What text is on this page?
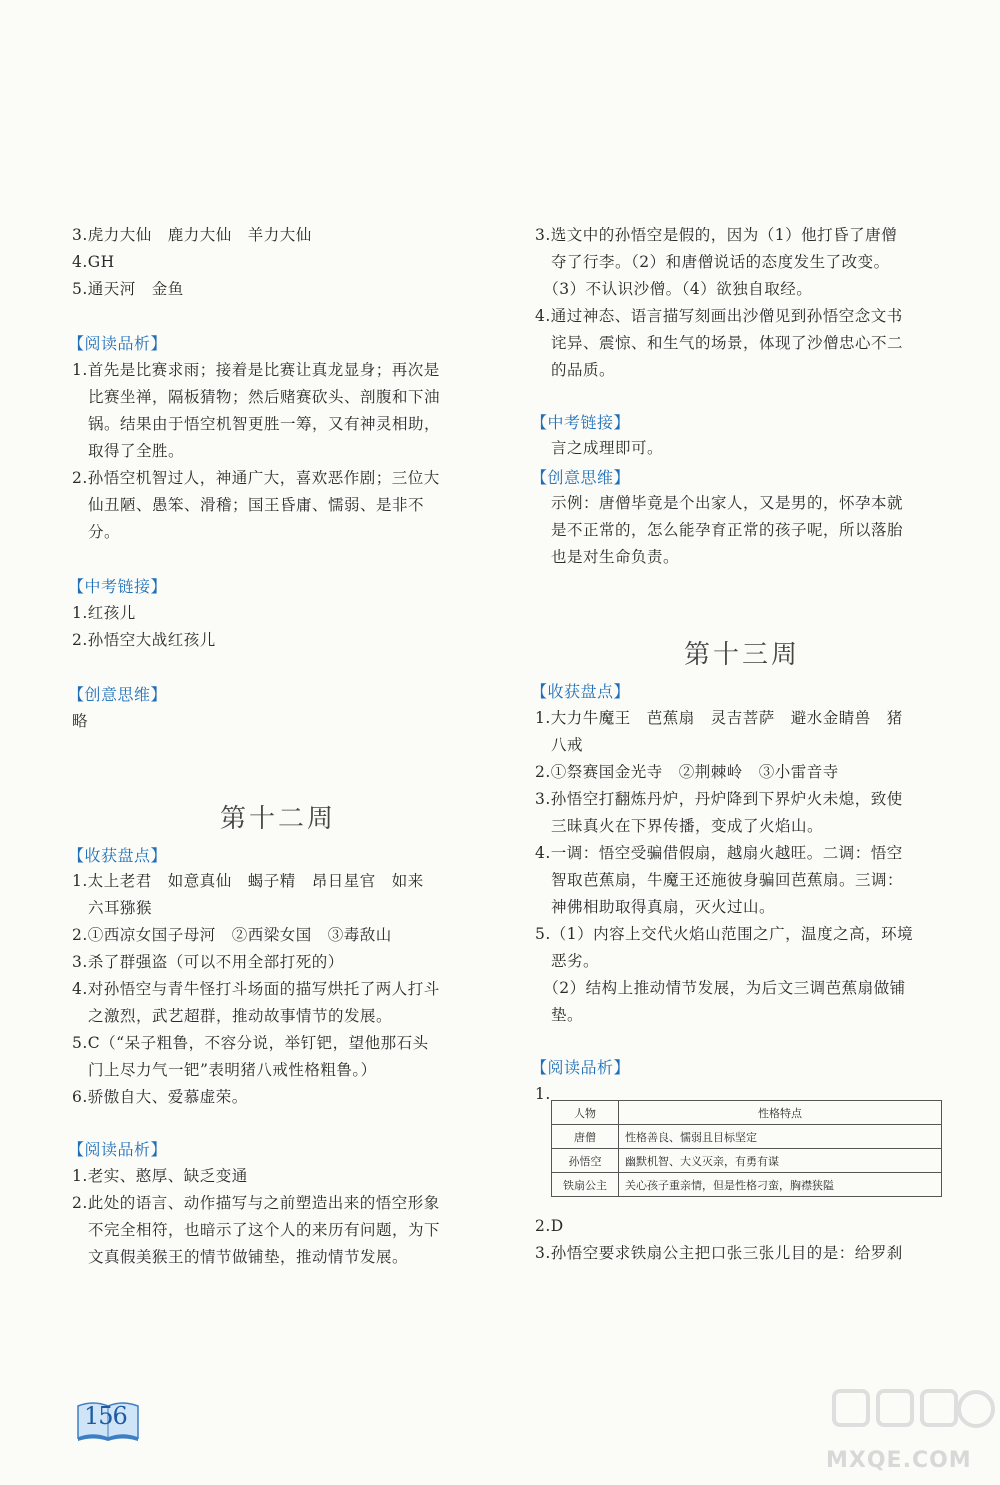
3.虎力大仙　鹿力大仙　羊力大仙
4.GH
5.通天河　金鱼
【阅读品析】
1.首先是比赛求雨；接着是比赛让真龙显身；再次是
　比赛坐禅，隔板猜物；然后赌赛砍头、剖腹和下油
　锅。结果由于悟空机智更胜一筹，又有神灵相助，
　取得了全胜。
2.孙悟空机智过人，神通广大，喜欢恶作剧；三位大
　仙丑陋、愚笨、滑稽；国王昏庸、懦弱、是非不
　分。
【中考链接】
1.红孩儿
2.孙悟空大战红孩儿
【创意思维】
略
第十二周
【收获盘点】
1.太上老君　如意真仙　蝎子精　昂日星官　如来
　六耳猕猴
2.①西凉女国子母河　②西梁女国　③毒敌山
3.杀了群强盗（可以不用全部打死的）
4.对孙悟空与青牛怪打斗场面的描写烘托了两人打斗
　之激烈，武艺超群，推动故事情节的发展。
5.C（“呆子粗鲁，不容分说，举钉钯，望他那石头
　门上尽力气一钯”表明猪八戒性格粗鲁。）
6.骄傲自大、爱慕虚荣。
【阅读品析】
1.老实、憨厚、缺乏变通
2.此处的语言、动作描写与之前塑造出来的悟空形象
　不完全相符，也暗示了这个人的来历有问题，为下
　文真假美猴王的情节做铺垫，推动情节发展。
3.选文中的孙悟空是假的，因为（1）他打昏了唐僧
　夺了行李。（2）和唐僧说话的态度发生了改变。
　（3）不认识沙僧。（4）欲独自取经。
4.通过神态、语言描写刻画出沙僧见到孙悟空念文书
　诧异、震惊、和生气的场景，体现了沙僧忠心不二
　的品质。
【中考链接】
　言之成理即可。
【创意思维】
　示例：唐僧毕竟是个出家人，又是男的，怀孕本就
　是不正常的，怎么能孕育正常的孩子呢，所以落胎
　也是对生命负责。
第十三周
【收获盘点】
1.大力牛魔王　芭蕉扇　灵吉菩萨　避水金睛兽　猪
　八戒
2.①祭赛国金光寺　②荆棘岭　③小雷音寺
3.孙悟空打翻炼丹炉，丹炉降到下界炉火未熄，致使
　三昧真火在下界传播，变成了火焰山。
4.一调：悟空受骗借假扇，越扇火越旺。二调：悟空
　智取芭蕉扇，牛魔王还施彼身骗回芭蕉扇。三调：
　神佛相助取得真扇，灭火过山。
5.（1）内容上交代火焰山范围之广，温度之高，环境
　恶劣。
　（2）结构上推动情节发展，为后文三调芭蕉扇做铺
　垫。
【阅读品析】
1.
人物	性格特点
唐僧	性格善良、懦弱且目标坚定
孙悟空	幽默机智、大义灭亲，有勇有谋
铁扇公主	关心孩子重亲情，但是性格刁蛮，胸襟狭隘
2.D
3.孙悟空要求铁扇公主把口张三张儿目的是：给罗刹
156
MXQE.COM
